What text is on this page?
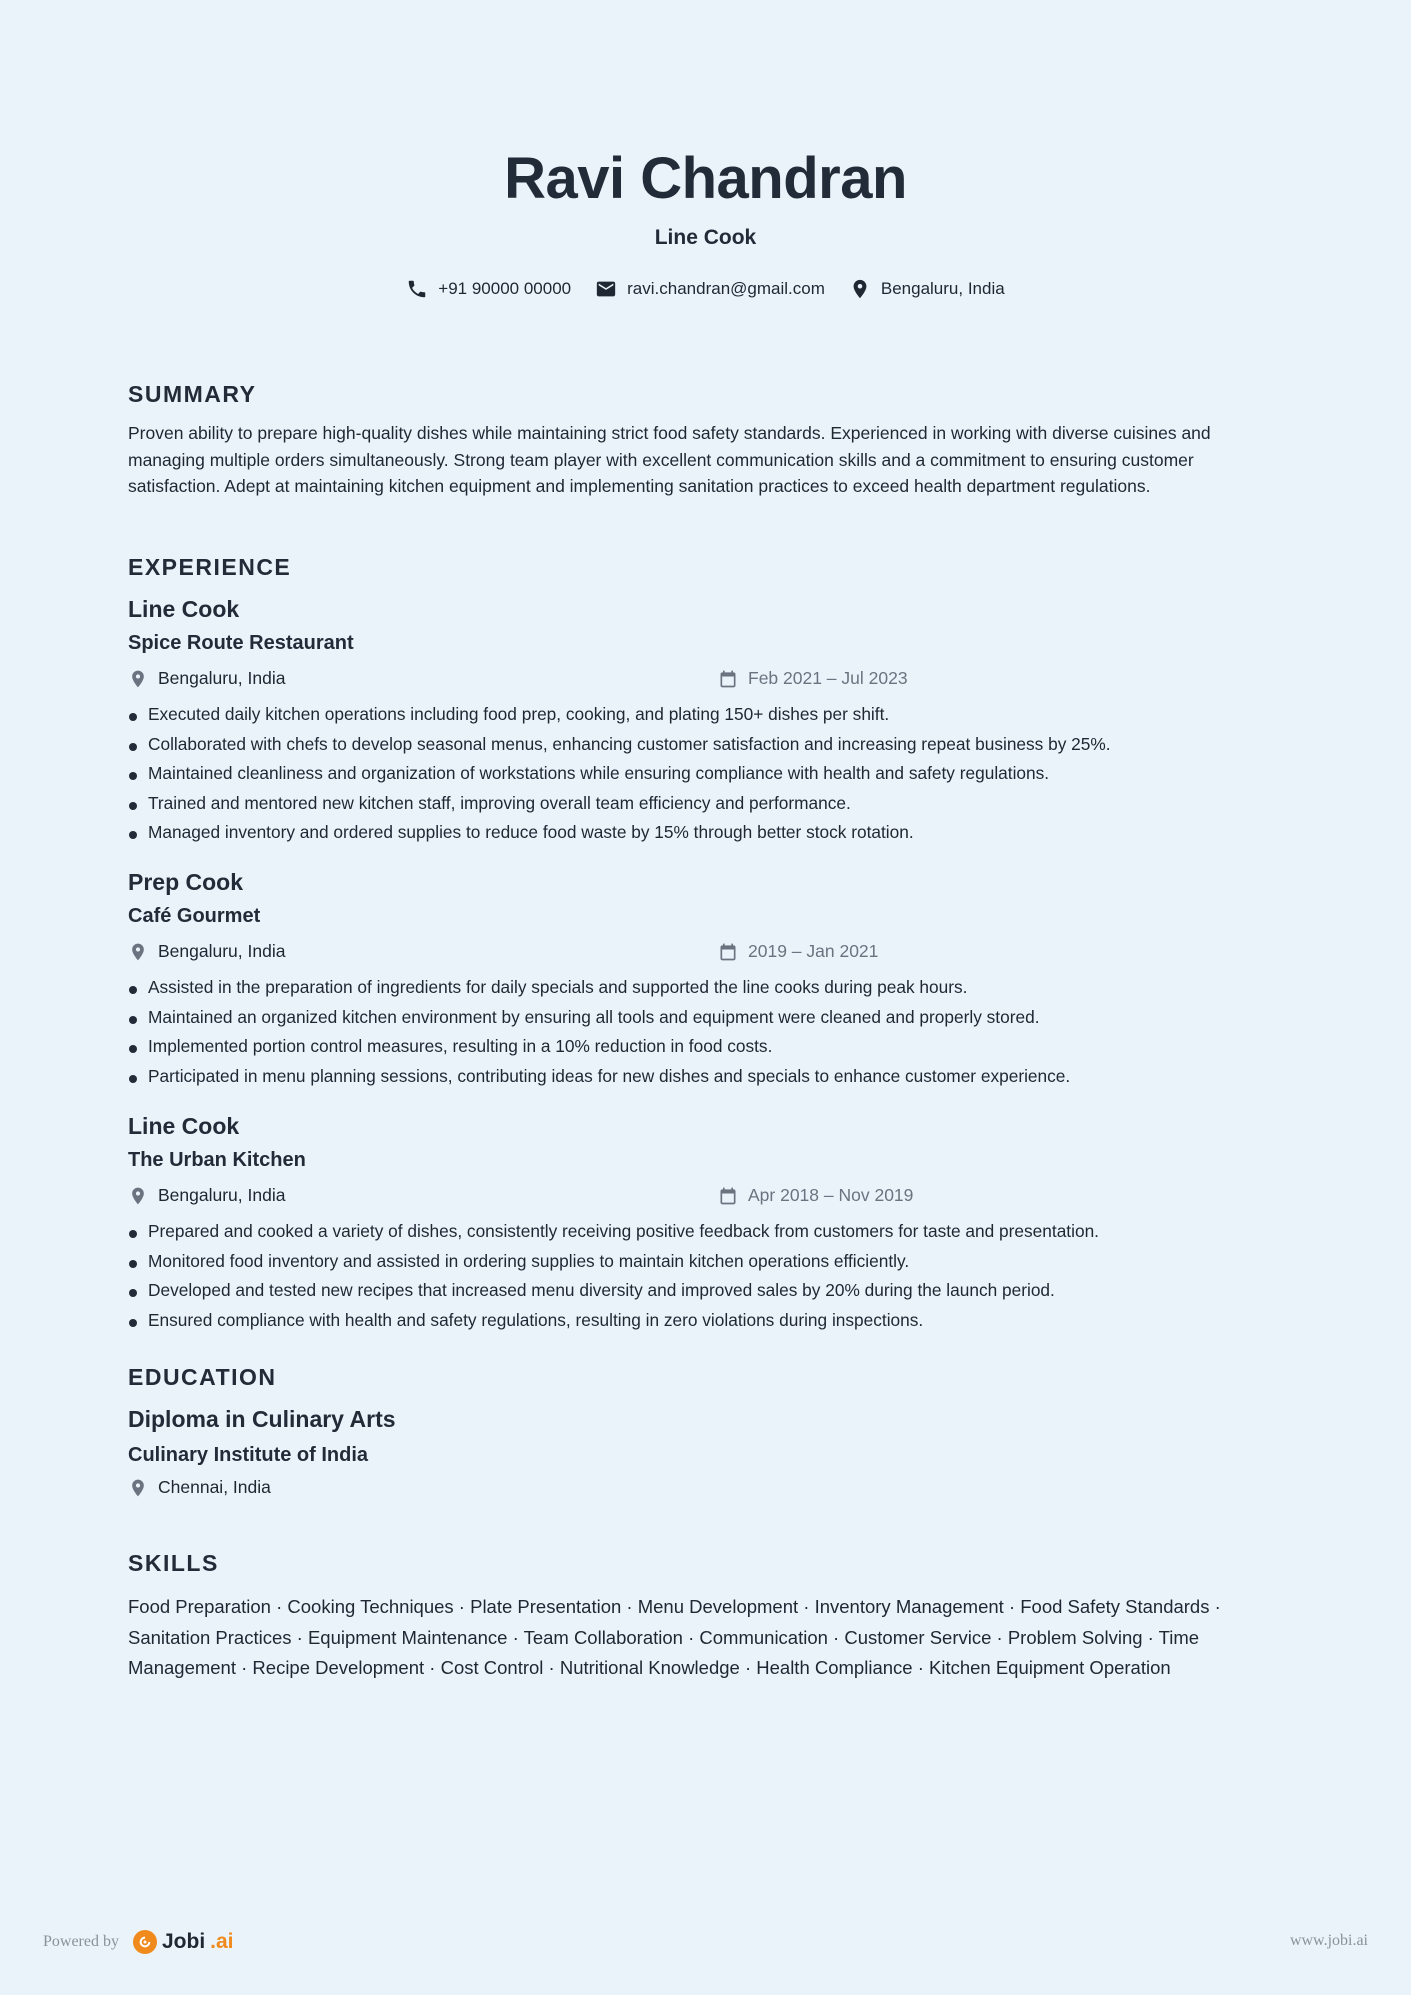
Ravi Chandran
Line Cook
+91 90000 00000	ravi.chandran@gmail.com	Bengaluru, India
SUMMARY
Proven ability to prepare high-quality dishes while maintaining strict food safety standards. Experienced in working with diverse cuisines and managing multiple orders simultaneously. Strong team player with excellent communication skills and a commitment to ensuring customer satisfaction. Adept at maintaining kitchen equipment and implementing sanitation practices to exceed health department regulations.
EXPERIENCE
Line Cook
Spice Route Restaurant
Bengaluru, India	Feb 2021 – Jul 2023
Executed daily kitchen operations including food prep, cooking, and plating 150+ dishes per shift.
Collaborated with chefs to develop seasonal menus, enhancing customer satisfaction and increasing repeat business by 25%.
Maintained cleanliness and organization of workstations while ensuring compliance with health and safety regulations.
Trained and mentored new kitchen staff, improving overall team efficiency and performance.
Managed inventory and ordered supplies to reduce food waste by 15% through better stock rotation.
Prep Cook
Café Gourmet
Bengaluru, India	2019 – Jan 2021
Assisted in the preparation of ingredients for daily specials and supported the line cooks during peak hours.
Maintained an organized kitchen environment by ensuring all tools and equipment were cleaned and properly stored.
Implemented portion control measures, resulting in a 10% reduction in food costs.
Participated in menu planning sessions, contributing ideas for new dishes and specials to enhance customer experience.
Line Cook
The Urban Kitchen
Bengaluru, India	Apr 2018 – Nov 2019
Prepared and cooked a variety of dishes, consistently receiving positive feedback from customers for taste and presentation.
Monitored food inventory and assisted in ordering supplies to maintain kitchen operations efficiently.
Developed and tested new recipes that increased menu diversity and improved sales by 20% during the launch period.
Ensured compliance with health and safety regulations, resulting in zero violations during inspections.
EDUCATION
Diploma in Culinary Arts
Culinary Institute of India
Chennai, India
SKILLS
Food Preparation · Cooking Techniques · Plate Presentation · Menu Development · Inventory Management · Food Safety Standards · Sanitation Practices · Equipment Maintenance · Team Collaboration · Communication · Customer Service · Problem Solving · Time Management · Recipe Development · Cost Control · Nutritional Knowledge · Health Compliance · Kitchen Equipment Operation
Powered by Jobi .ai	www.jobi.ai
